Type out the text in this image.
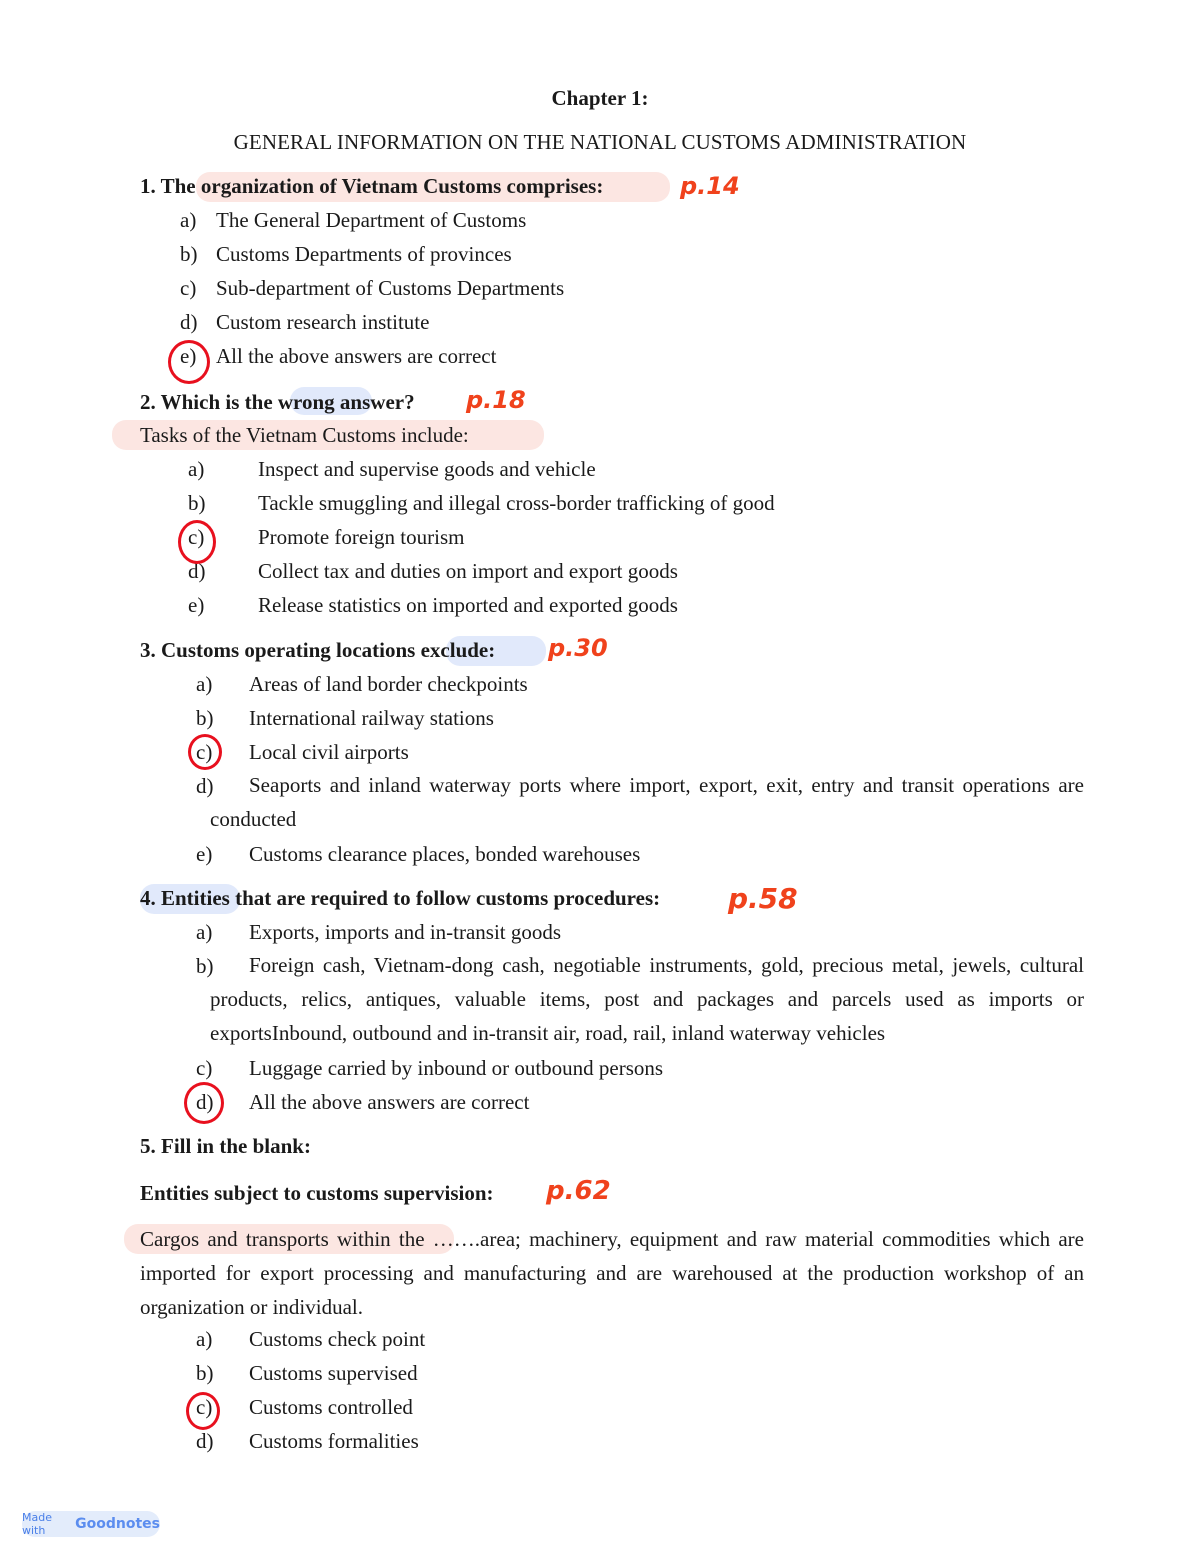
Chapter 1:
GENERAL INFORMATION ON THE NATIONAL CUSTOMS ADMINISTRATION
1. The organization of Vietnam Customs comprises:	p.14
a) The General Department of Customs
b) Customs Departments of provinces
c) Sub-department of Customs Departments
d) Custom research institute
e) All the above answers are correct
2. Which is the wrong answer? p.18
Tasks of the Vietnam Customs include:
a)	Inspect and supervise goods and vehicle
b)	Tackle smuggling and illegal cross-border trafficking of good
c)	Promote foreign tourism
d)	Collect tax and duties on import and export goods
e)	Release statistics on imported and exported goods
3. Customs operating locations exclude: p.30
a) Areas of land border checkpoints
b) International railway stations
c) Local civil airports
d)	Seaports and inland waterway ports where import, export, exit, entry and transit operations are conducted
e) Customs clearance places, bonded warehouses
4. Entities that are required to follow customs procedures: p.58
a) Exports, imports and in-transit goods
b)	Foreign cash, Vietnam-dong cash, negotiable instruments, gold, precious metal, jewels, cultural products, relics, antiques, valuable items, post and packages and parcels used as imports or exportsInbound, outbound and in-transit air, road, rail, inland waterway vehicles
c) Luggage carried by inbound or outbound persons
d) All the above answers are correct
5. Fill in the blank:
Entities subject to customs supervision: p.62
Cargos and transports within the …….area; machinery, equipment and raw material commodities which are imported for export processing and manufacturing and are warehoused at the production workshop of an organization or individual.
a) Customs check point
b) Customs supervised
c) Customs controlled
d) Customs formalities
Made with	Goodnotes
